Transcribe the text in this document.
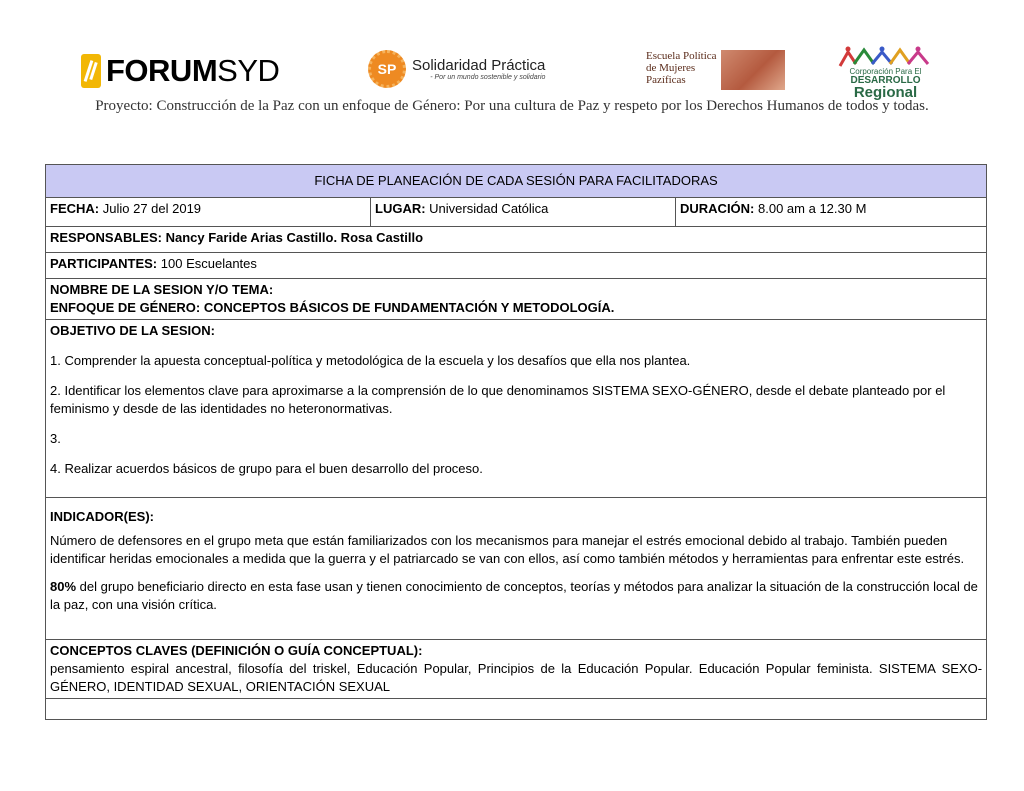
FORUMSYD	SP	Solidaridad Práctica
- Por un mundo sostenible y solidario
Escuela Política
de Mujeres
Pazíficas
Corporación Para El
DESARROLLO
Regional
Proyecto: Construcción de la Paz con un enfoque de Género: Por una cultura de Paz y respeto por los Derechos Humanos de todos y todas.
FICHA DE PLANEACIÓN DE CADA SESIÓN PARA FACILITADORAS
FECHA: Julio 27 del 2019	LUGAR: Universidad Católica	DURACIÓN: 8.00 am a 12.30 M
RESPONSABLES: Nancy Faride Arias Castillo. Rosa Castillo
PARTICIPANTES: 100 Escuelantes

NOMBRE DE LA SESION Y/O TEMA:
ENFOQUE DE GÉNERO: CONCEPTOS BÁSICOS DE FUNDAMENTACIÓN Y METODOLOGÍA.

OBJETIVO DE LA SESION:
1. Comprender la apuesta conceptual-política y metodológica de la escuela y los desafíos que ella nos plantea.
2. Identificar los elementos clave para aproximarse a la comprensión de lo que denominamos SISTEMA SEXO-GÉNERO, desde el debate planteado por el feminismo y desde de las identidades no heteronormativas.
3.
4. Realizar acuerdos básicos de grupo para el buen desarrollo del proceso.

INDICADOR(ES):
Número de defensores en el grupo meta que están familiarizados con los mecanismos para manejar el estrés emocional debido al trabajo. También pueden identificar heridas emocionales a medida que la guerra y el patriarcado se van con ellos, así como también métodos y herramientas para enfrentar este estrés.
80% del grupo beneficiario directo en esta fase usan y tienen conocimiento de conceptos, teorías y métodos para analizar la situación de la construcción local de la paz, con una visión crítica.

CONCEPTOS CLAVES (DEFINICIÓN O GUÍA CONCEPTUAL):
pensamiento espiral ancestral, filosofía del triskel, Educación Popular, Principios de la Educación Popular. Educación Popular feminista. SISTEMA SEXO-GÉNERO, IDENTIDAD SEXUAL, ORIENTACIÓN SEXUAL
